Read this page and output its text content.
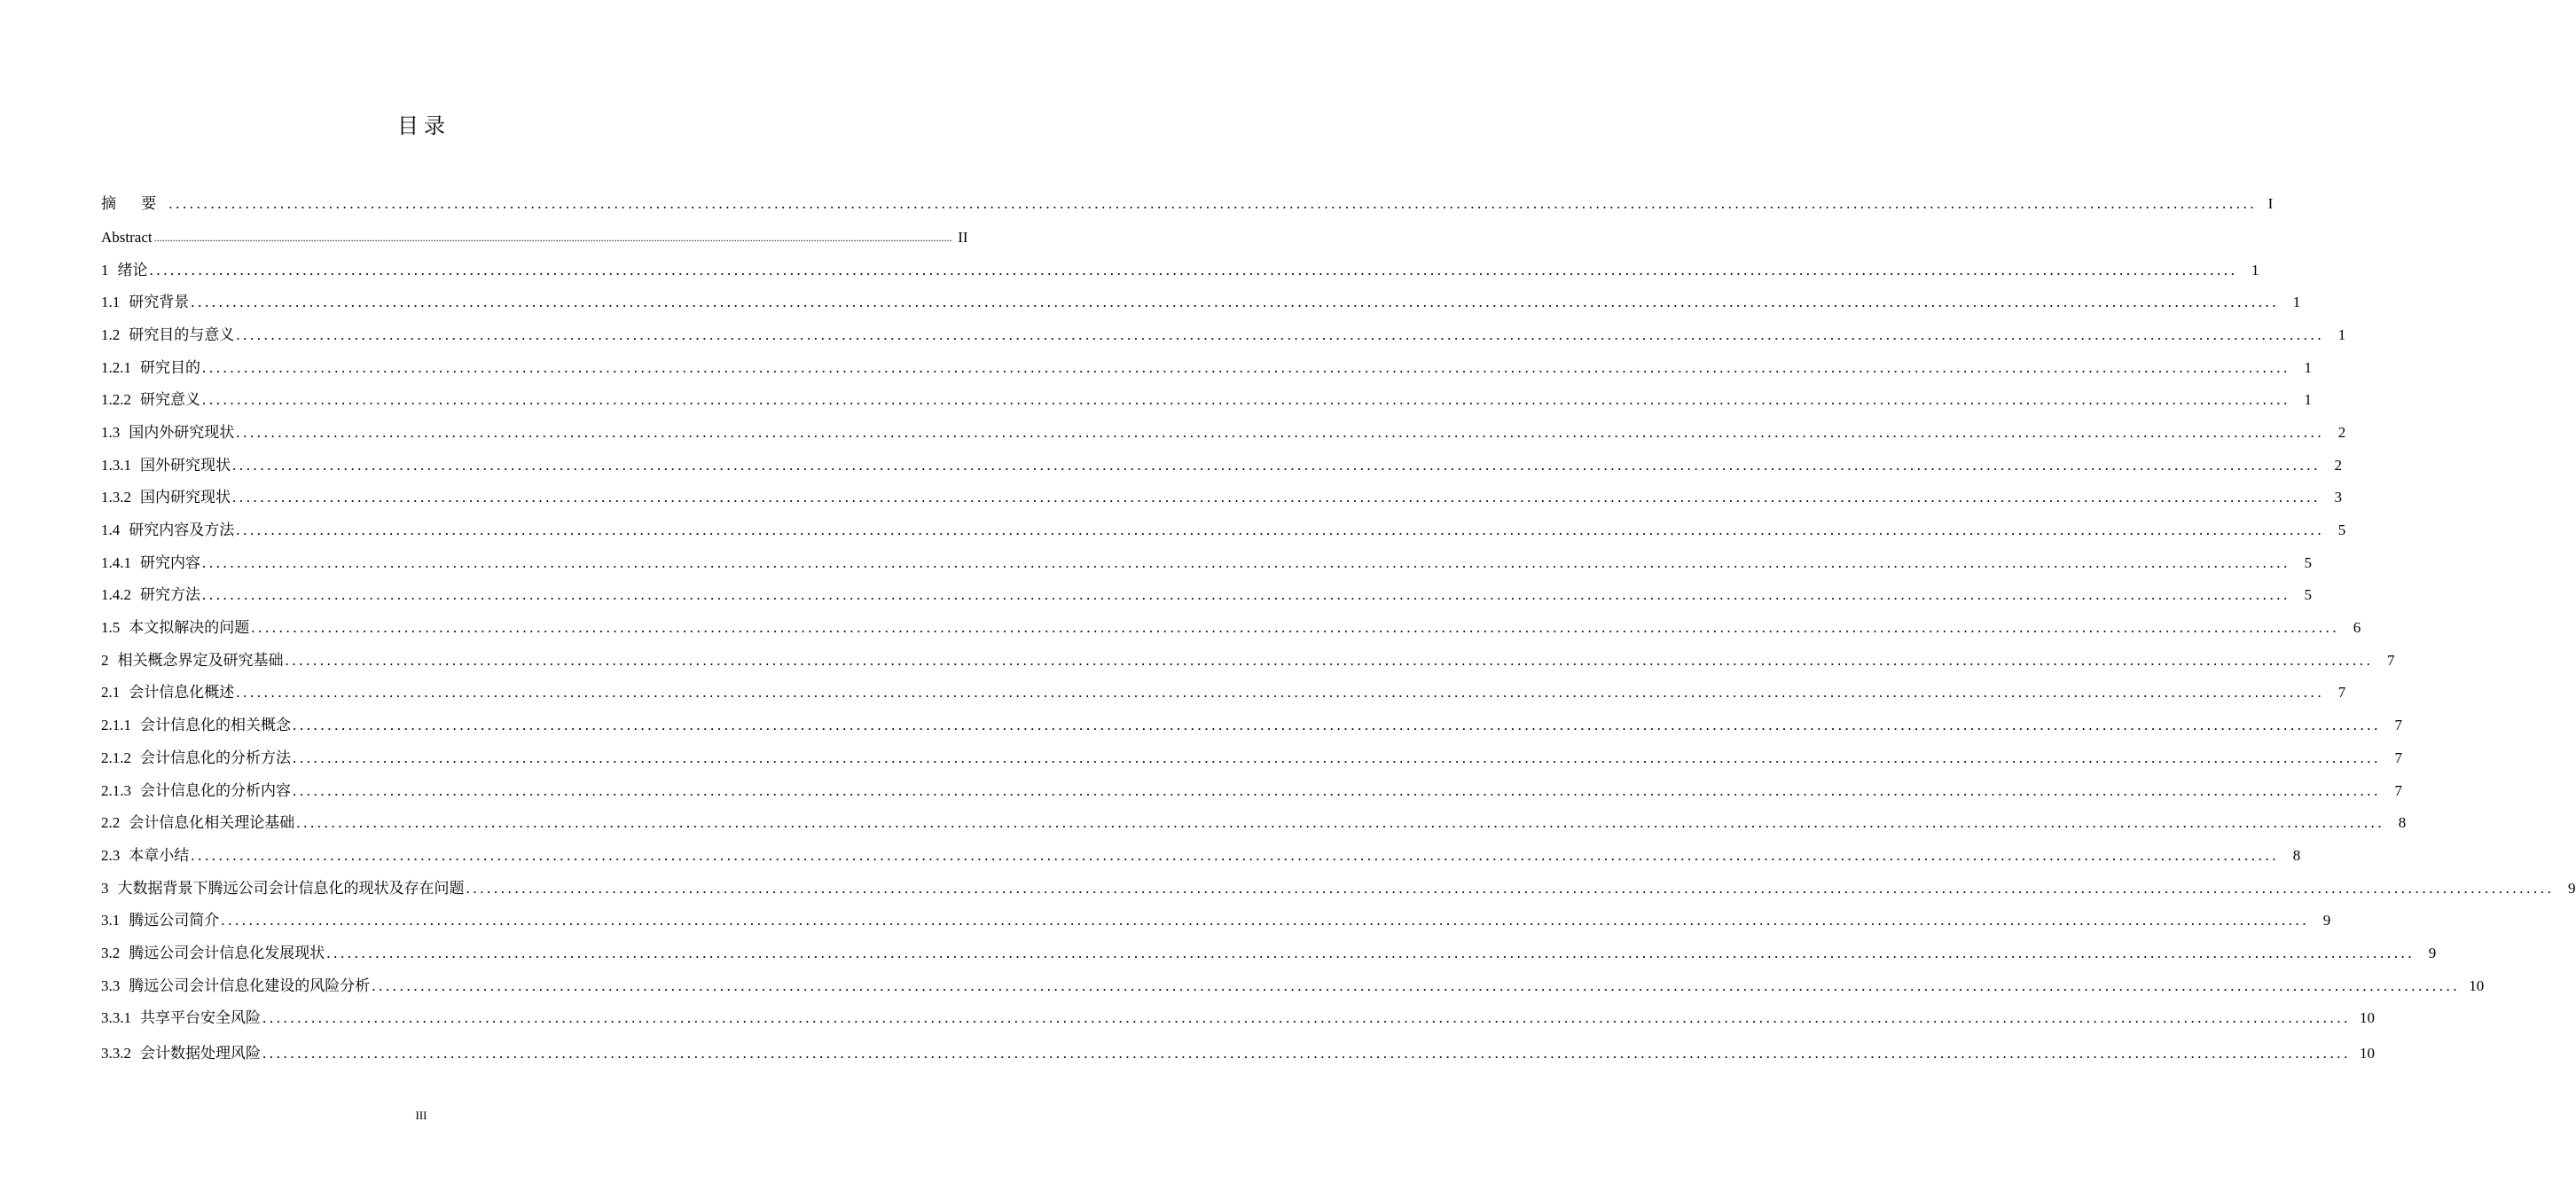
目 录
摘 要 ............................................................................................................................................................................................................................................................................................................ I
Abstract ............................................................................................................................................................................................................................................................................................................ II
1 绪论 ............................................................................................................................................................................................................................................................................................................ 1
1.1 研究背景 ............................................................................................................................................................................................................................................................................................................ 1
1.2 研究目的与意义 ............................................................................................................................................................................................................................................................................................................ 1
1.2.1 研究目的 ............................................................................................................................................................................................................................................................................................................ 1
1.2.2 研究意义 ............................................................................................................................................................................................................................................................................................................ 1
1.3 国内外研究现状 ............................................................................................................................................................................................................................................................................................................ 2
1.3.1 国外研究现状 ............................................................................................................................................................................................................................................................................................................ 2
1.3.2 国内研究现状 ............................................................................................................................................................................................................................................................................................................ 3
1.4 研究内容及方法 ............................................................................................................................................................................................................................................................................................................ 5
1.4.1 研究内容 ............................................................................................................................................................................................................................................................................................................ 5
1.4.2 研究方法 ............................................................................................................................................................................................................................................................................................................ 5
1.5 本文拟解决的问题 ............................................................................................................................................................................................................................................................................................................ 6
2 相关概念界定及研究基础 ............................................................................................................................................................................................................................................................................................................ 7
2.1 会计信息化概述 ............................................................................................................................................................................................................................................................................................................ 7
2.1.1 会计信息化的相关概念 ............................................................................................................................................................................................................................................................................................................ 7
2.1.2 会计信息化的分析方法 ............................................................................................................................................................................................................................................................................................................ 7
2.1.3 会计信息化的分析内容 ............................................................................................................................................................................................................................................................................................................ 7
2.2 会计信息化相关理论基础 ............................................................................................................................................................................................................................................................................................................ 8
2.3 本章小结 ............................................................................................................................................................................................................................................................................................................ 8
3 大数据背景下腾远公司会计信息化的现状及存在问题 ............................................................................................................................................................................................................................................................................................................ 9
3.1 腾远公司简介 ............................................................................................................................................................................................................................................................................................................ 9
3.2 腾远公司会计信息化发展现状 ............................................................................................................................................................................................................................................................................................................ 9
3.3 腾远公司会计信息化建设的风险分析 ............................................................................................................................................................................................................................................................................................................ 10
3.3.1 共享平台安全风险 ............................................................................................................................................................................................................................................................................................................ 10
3.3.2 会计数据处理风险 ............................................................................................................................................................................................................................................................................................................ 10
III
